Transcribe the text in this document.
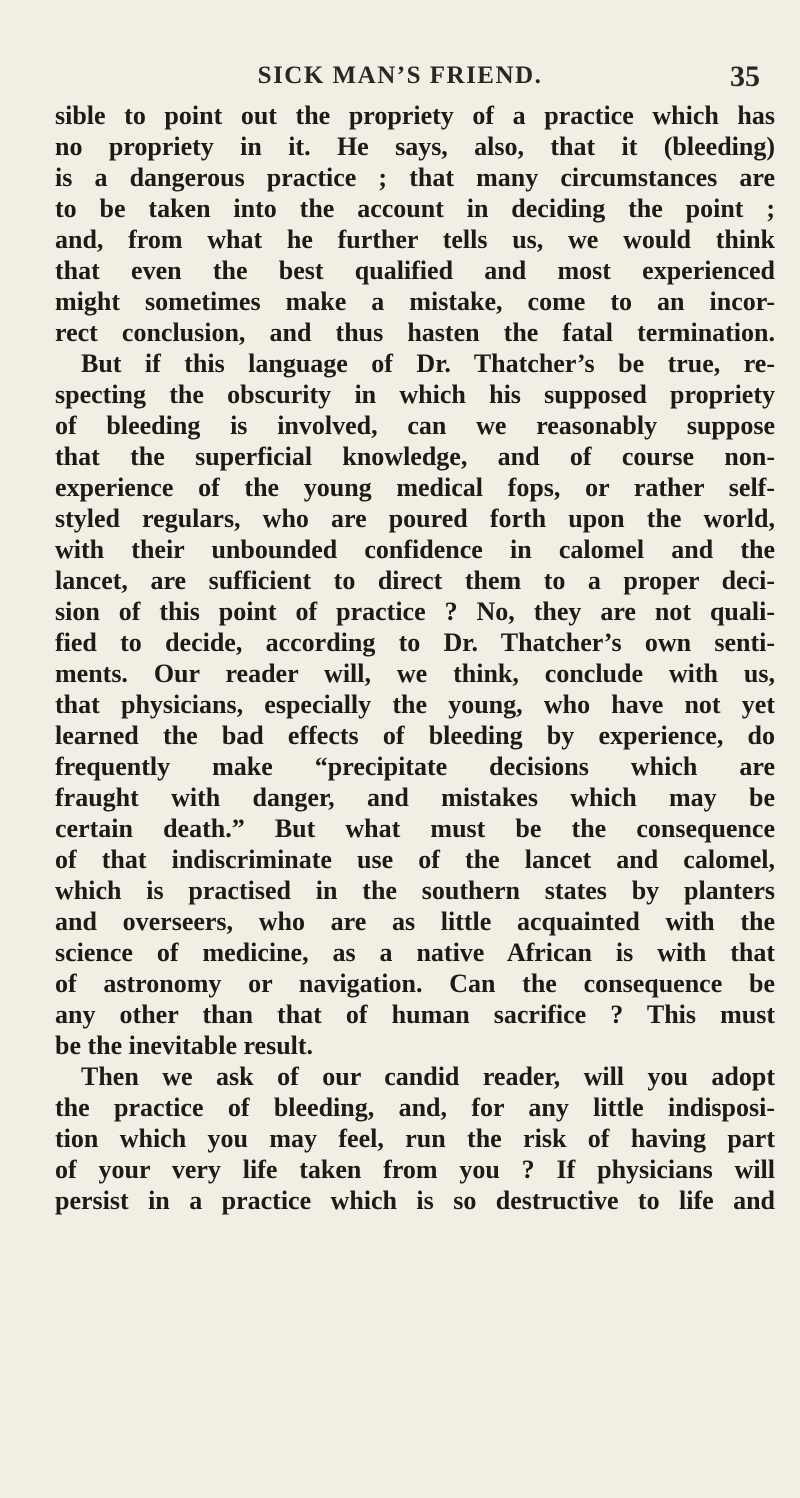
SICK MAN’S FRIEND.	35
sible to point out the propriety of a practice which has
no propriety in it. He says, also, that it (bleeding)
is a dangerous practice ; that many circumstances are
to be taken into the account in deciding the point ;
and, from what he further tells us, we would think
that even the best qualified and most experienced
might sometimes make a mistake, come to an incor-
rect conclusion, and thus hasten the fatal termination.
But if this language of Dr. Thatcher’s be true, re-
specting the obscurity in which his supposed propriety
of bleeding is involved, can we reasonably suppose
that the superficial knowledge, and of course non-
experience of the young medical fops, or rather self-
styled regulars, who are poured forth upon the world,
with their unbounded confidence in calomel and the
lancet, are sufficient to direct them to a proper deci-
sion of this point of practice ? No, they are not quali-
fied to decide, according to Dr. Thatcher’s own senti-
ments. Our reader will, we think, conclude with us,
that physicians, especially the young, who have not yet
learned the bad effects of bleeding by experience, do
frequently make “precipitate decisions which are
fraught with danger, and mistakes which may be
certain death.” But what must be the consequence
of that indiscriminate use of the lancet and calomel,
which is practised in the southern states by planters
and overseers, who are as little acquainted with the
science of medicine, as a native African is with that
of astronomy or navigation. Can the consequence be
any other than that of human sacrifice ? This must
be the inevitable result.
Then we ask of our candid reader, will you adopt
the practice of bleeding, and, for any little indisposi-
tion which you may feel, run the risk of having part
of your very life taken from you ? If physicians will
persist in a practice which is so destructive to life and
